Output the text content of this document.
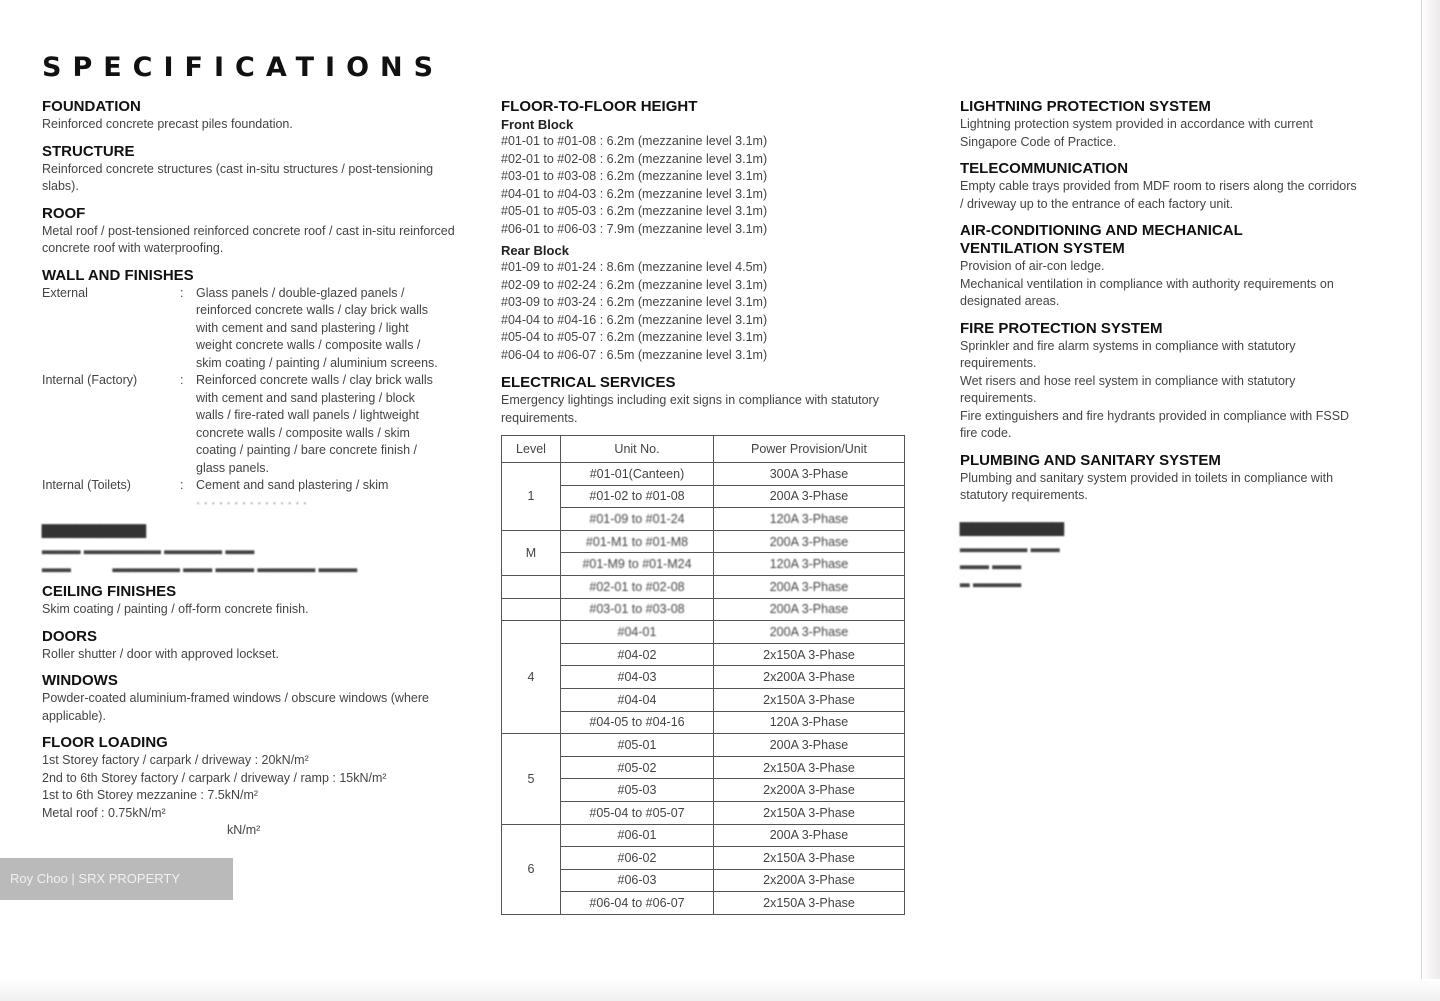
SPECIFICATIONS

FOUNDATION

Reinforced concrete precast piles foundation.

STRUCTURE

Reinforced concrete structures (cast in-situ structures / post-tensioning slabs).

ROOF

Metal roof / post-tensioned reinforced concrete roof / cast in-situ reinforced concrete roof with waterproofing.

WALL AND FINISHES

External	:	Glass panels / double-glazed panels / reinforced concrete walls / clay brick walls with cement and sand plastering / light weight concrete walls / composite walls / skim coating / painting / aluminium screens.
Internal (Factory)	:	Reinforced concrete walls / clay brick walls with cement and sand plastering / block walls / fire-rated wall panels / lightweight concrete walls / composite walls / skim coating / painting / bare concrete finish / glass panels.
Internal (Toilets)	:	Cement and sand plastering / skim
· · · · · · · · · · · · · · ·

▆▆▆▆▆▆▆▆▆

▂▂▂▂ ▂▂▂▂▂▂▂▂ ▂▂▂▂▂▂ ▂▂▂

▂▂▂            ▂▂▂▂▂▂▂ ▂▂▂ ▂▂▂▂ ▂▂▂▂▂▂ ▂▂▂▂

CEILING FINISHES

Skim coating / painting / off-form concrete finish.

DOORS

Roller shutter / door with approved lockset.

WINDOWS

Powder-coated aluminium-framed windows / obscure windows (where applicable).

FLOOR LOADING

1st Storey factory / carpark / driveway : 20kN/m²

2nd to 6th Storey factory / carpark / driveway / ramp : 15kN/m²

1st to 6th Storey mezzanine : 7.5kN/m²

Metal roof : 0.75kN/m²

kN/m²

FLOOR-TO-FLOOR HEIGHT

Front Block

#01-01 to #01-08 : 6.2m (mezzanine level 3.1m)

#02-01 to #02-08 : 6.2m (mezzanine level 3.1m)

#03-01 to #03-08 : 6.2m (mezzanine level 3.1m)

#04-01 to #04-03 : 6.2m (mezzanine level 3.1m)

#05-01 to #05-03 : 6.2m (mezzanine level 3.1m)

#06-01 to #06-03 : 7.9m (mezzanine level 3.1m)

Rear Block

#01-09 to #01-24 : 8.6m (mezzanine level 4.5m)

#02-09 to #02-24 : 6.2m (mezzanine level 3.1m)

#03-09 to #03-24 : 6.2m (mezzanine level 3.1m)

#04-04 to #04-16 : 6.2m (mezzanine level 3.1m)

#05-04 to #05-07 : 6.2m (mezzanine level 3.1m)

#06-04 to #06-07 : 6.5m (mezzanine level 3.1m)

ELECTRICAL SERVICES

Emergency lightings including exit signs in compliance with statutory requirements.

Level	Unit No.	Power Provision/Unit
1	#01-01(Canteen)	300A 3-Phase
	#01-02 to #01-08	200A 3-Phase
	#01-09 to #01-24	120A 3-Phase
M	#01-M1 to #01-M8	200A 3-Phase
	#01-M9 to #01-M24	120A 3-Phase
	#02-01 to #02-08	200A 3-Phase
	#03-01 to #03-08	200A 3-Phase
4	#04-01	200A 3-Phase
	#04-02	2x150A 3-Phase
	#04-03	2x200A 3-Phase
	#04-04	2x150A 3-Phase
	#04-05 to #04-16	120A 3-Phase
5	#05-01	200A 3-Phase
	#05-02	2x150A 3-Phase
	#05-03	2x200A 3-Phase
	#05-04 to #05-07	2x150A 3-Phase
6	#06-01	200A 3-Phase
	#06-02	2x150A 3-Phase
	#06-03	2x200A 3-Phase
	#06-04 to #06-07	2x150A 3-Phase

LIGHTNING PROTECTION SYSTEM

Lightning protection system provided in accordance with current Singapore Code of Practice.

TELECOMMUNICATION

Empty cable trays provided from MDF room to risers along the corridors / driveway up to the entrance of each factory unit.

AIR-CONDITIONING AND MECHANICAL

VENTILATION SYSTEM

Provision of air-con ledge.

Mechanical ventilation in compliance with authority requirements on designated areas.

FIRE PROTECTION SYSTEM

Sprinkler and fire alarm systems in compliance with statutory requirements.

Wet risers and hose reel system in compliance with statutory requirements.

Fire extinguishers and fire hydrants provided in compliance with FSSD fire code.

PLUMBING AND SANITARY SYSTEM

Plumbing and sanitary system provided in toilets in compliance with statutory requirements.

▆▆▆▆▆▆▆▆▆

▂▂▂▂▂▂▂ ▂▂▂

▂▂▂ ▂▂▂

▂ ▂▂▂▂▂

Roy Choo | SRX PROPERTY
